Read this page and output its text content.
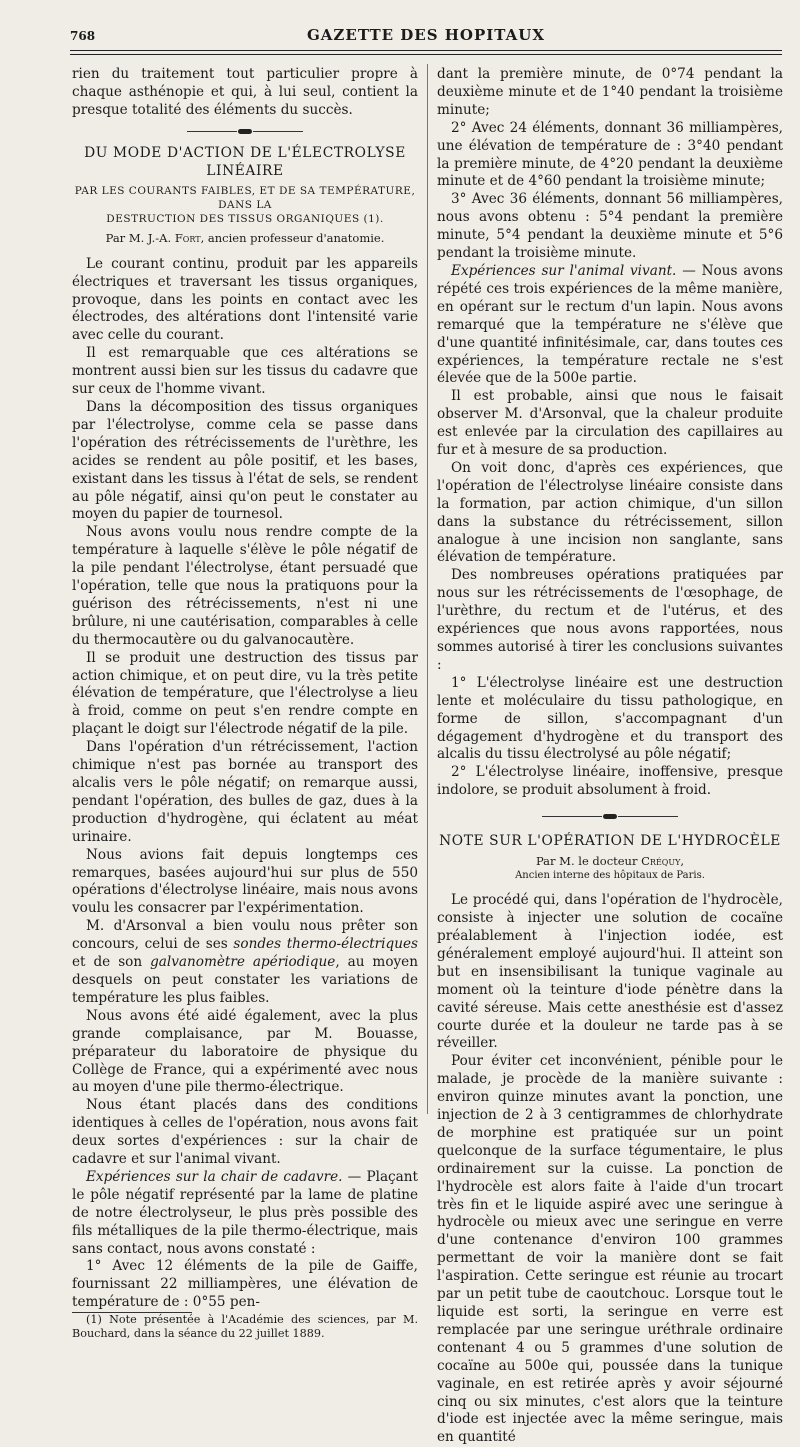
768	GAZETTE DES HOPITAUX

rien du traitement tout particulier propre à chaque asthénopie et qui, à lui seul, contient la presque totalité des éléments du succès.

DU MODE D'ACTION DE L'ÉLECTROLYSE LINÉAIRE
PAR LES COURANTS FAIBLES, ET DE SA TEMPÉRATURE, DANS LA
DESTRUCTION DES TISSUS ORGANIQUES (1).
Par M. J.-A. Fort, ancien professeur d'anatomie.

Le courant continu, produit par les appareils électriques et traversant les tissus organiques, provoque, dans les points en contact avec les électrodes, des altérations dont l'intensité varie avec celle du courant.

Il est remarquable que ces altérations se montrent aussi bien sur les tissus du cadavre que sur ceux de l'homme vivant.

Dans la décomposition des tissus organiques par l'électrolyse, comme cela se passe dans l'opération des rétrécissements de l'urèthre, les acides se rendent au pôle positif, et les bases, existant dans les tissus à l'état de sels, se rendent au pôle négatif, ainsi qu'on peut le constater au moyen du papier de tournesol.

Nous avons voulu nous rendre compte de la température à laquelle s'élève le pôle négatif de la pile pendant l'électrolyse, étant persuadé que l'opération, telle que nous la pratiquons pour la guérison des rétrécissements, n'est ni une brûlure, ni une cautérisation, comparables à celle du thermocautère ou du galvanocautère.

Il se produit une destruction des tissus par action chimique, et on peut dire, vu la très petite élévation de température, que l'électrolyse a lieu à froid, comme on peut s'en rendre compte en plaçant le doigt sur l'électrode négatif de la pile.

Dans l'opération d'un rétrécissement, l'action chimique n'est pas bornée au transport des alcalis vers le pôle négatif; on remarque aussi, pendant l'opération, des bulles de gaz, dues à la production d'hydrogène, qui éclatent au méat urinaire.

Nous avions fait depuis longtemps ces remarques, basées aujourd'hui sur plus de 550 opérations d'électrolyse linéaire, mais nous avons voulu les consacrer par l'expérimentation.

M. d'Arsonval a bien voulu nous prêter son concours, celui de ses sondes thermo-électriques et de son galvanomètre apériodique, au moyen desquels on peut constater les variations de température les plus faibles.

Nous avons été aidé également, avec la plus grande complaisance, par M. Bouasse, préparateur du laboratoire de physique du Collège de France, qui a expérimenté avec nous au moyen d'une pile thermo-électrique.

Nous étant placés dans des conditions identiques à celles de l'opération, nous avons fait deux sortes d'expériences : sur la chair de cadavre et sur l'animal vivant.

Expériences sur la chair de cadavre. — Plaçant le pôle négatif représenté par la lame de platine de notre électrolyseur, le plus près possible des fils métalliques de la pile thermo-électrique, mais sans contact, nous avons constaté :

1° Avec 12 éléments de la pile de Gaiffe, fournissant 22 milliampères, une élévation de température de : 0°55 pen-

(1) Note présentée à l'Académie des sciences, par M. Bouchard, dans la séance du 22 juillet 1889.

dant la première minute, de 0°74 pendant la deuxième minute et de 1°40 pendant la troisième minute;

2° Avec 24 éléments, donnant 36 milliampères, une élévation de température de : 3°40 pendant la première minute, de 4°20 pendant la deuxième minute et de 4°60 pendant la troisième minute;

3° Avec 36 éléments, donnant 56 milliampères, nous avons obtenu : 5°4 pendant la première minute, 5°4 pendant la deuxième minute et 5°6 pendant la troisième minute.

Expériences sur l'animal vivant. — Nous avons répété ces trois expériences de la même manière, en opérant sur le rectum d'un lapin. Nous avons remarqué que la température ne s'élève que d'une quantité infinitésimale, car, dans toutes ces expériences, la température rectale ne s'est élevée que de la 500e partie.

Il est probable, ainsi que nous le faisait observer M. d'Arsonval, que la chaleur produite est enlevée par la circulation des capillaires au fur et à mesure de sa production.

On voit donc, d'après ces expériences, que l'opération de l'électrolyse linéaire consiste dans la formation, par action chimique, d'un sillon dans la substance du rétrécissement, sillon analogue à une incision non sanglante, sans élévation de température.

Des nombreuses opérations pratiquées par nous sur les rétrécissements de l'œsophage, de l'urèthre, du rectum et de l'utérus, et des expériences que nous avons rapportées, nous sommes autorisé à tirer les conclusions suivantes :

1° L'électrolyse linéaire est une destruction lente et moléculaire du tissu pathologique, en forme de sillon, s'accompagnant d'un dégagement d'hydrogène et du transport des alcalis du tissu électrolysé au pôle négatif;

2° L'électrolyse linéaire, inoffensive, presque indolore, se produit absolument à froid.

NOTE SUR L'OPÉRATION DE L'HYDROCÈLE
Par M. le docteur Créquy,
Ancien interne des hôpitaux de Paris.

Le procédé qui, dans l'opération de l'hydrocèle, consiste à injecter une solution de cocaïne préalablement à l'injection iodée, est généralement employé aujourd'hui. Il atteint son but en insensibilisant la tunique vaginale au moment où la teinture d'iode pénètre dans la cavité séreuse. Mais cette anesthésie est d'assez courte durée et la douleur ne tarde pas à se réveiller.

Pour éviter cet inconvénient, pénible pour le malade, je procède de la manière suivante : environ quinze minutes avant la ponction, une injection de 2 à 3 centigrammes de chlorhydrate de morphine est pratiquée sur un point quelconque de la surface tégumentaire, le plus ordinairement sur la cuisse. La ponction de l'hydrocèle est alors faite à l'aide d'un trocart très fin et le liquide aspiré avec une seringue à hydrocèle ou mieux avec une seringue en verre d'une contenance d'environ 100 grammes permettant de voir la manière dont se fait l'aspiration. Cette seringue est réunie au trocart par un petit tube de caoutchouc. Lorsque tout le liquide est sorti, la seringue en verre est remplacée par une seringue uréthrale ordinaire contenant 4 ou 5 grammes d'une solution de cocaïne au 500e qui, poussée dans la tunique vaginale, en est retirée après y avoir séjourné cinq ou six minutes, c'est alors que la teinture d'iode est injectée avec la même seringue, mais en quantité
